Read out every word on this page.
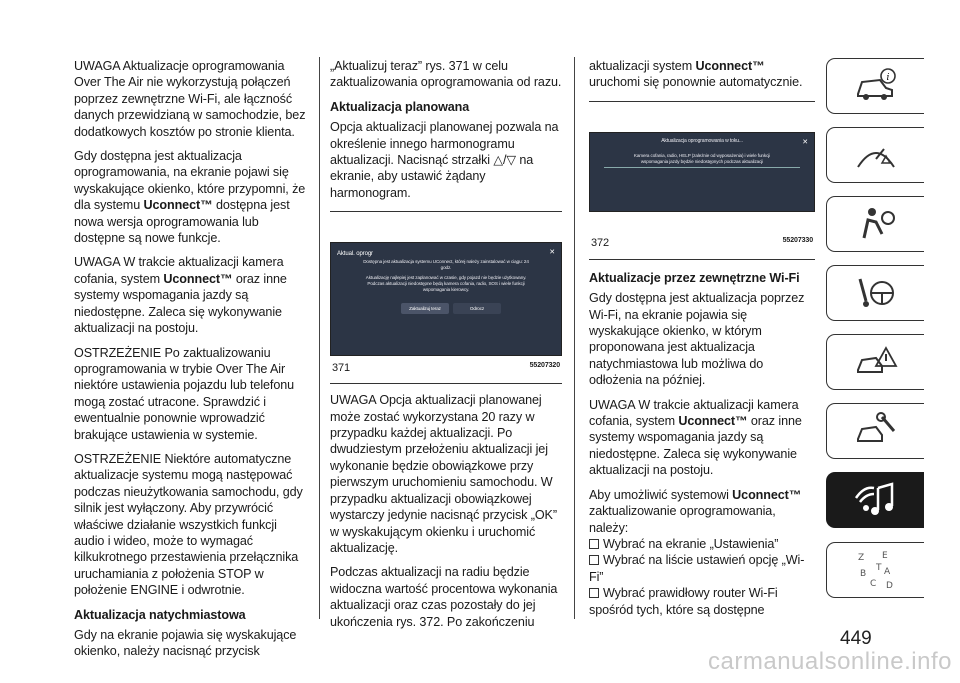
UWAGA Aktualizacje oprogramowania Over The Air nie wykorzystują połączeń poprzez zewnętrzne Wi-Fi, ale łączność danych przewidzianą w samochodzie, bez dodatkowych kosztów po stronie klienta.

Gdy dostępna jest aktualizacja oprogramowania, na ekranie pojawi się wyskakujące okienko, które przypomni, że dla systemu Uconnect™ dostępna jest nowa wersja oprogramowania lub dostępne są nowe funkcje.

UWAGA W trakcie aktualizacji kamera cofania, system Uconnect™ oraz inne systemy wspomagania jazdy są niedostępne. Zaleca się wykonywanie aktualizacji na postoju.

OSTRZEŻENIE Po zaktualizowaniu oprogramowania w trybie Over The Air niektóre ustawienia pojazdu lub telefonu mogą zostać utracone. Sprawdzić i ewentualnie ponownie wprowadzić brakujące ustawienia w systemie.

OSTRZEŻENIE Niektóre automatyczne aktualizacje systemu mogą następować podczas nieużytkowania samochodu, gdy silnik jest wyłączony. Aby przywrócić właściwe działanie wszystkich funkcji audio i wideo, może to wymagać kilkukrotnego przestawienia przełącznika uruchamiania z położenia STOP w położenie ENGINE i odwrotnie.

Aktualizacja natychmiastowa

Gdy na ekranie pojawia się wyskakujące okienko, należy nacisnąć przycisk

„Aktualizuj teraz” rys. 371 w celu zaktualizowania oprogramowania od razu.

Aktualizacja planowana

Opcja aktualizacji planowanej pozwala na określenie innego harmonogramu aktualizacji. Nacisnąć strzałki △/▽ na ekranie, aby ustawić żądany harmonogram.

Aktual. oprogr	✕
Dostępna jest aktualizacja systemu UConnect, której należy zainstalować w ciągu: 24 godz.
Aktualizację najlepiej jest zaplanować w czasie, gdy pojazd nie będzie użytkowany. Podczas aktualizacji niedostępne będą kamera cofania, radio, SOS i wiele funkcji wspomagania kierowcy.
Zaktualizuj teraz	Odrocz
371	55207320

UWAGA Opcja aktualizacji planowanej może zostać wykorzystana 20 razy w przypadku każdej aktualizacji. Po dwudziestym przełożeniu aktualizacji jej wykonanie będzie obowiązkowe przy pierwszym uruchomieniu samochodu. W przypadku aktualizacji obowiązkowej wystarczy jedynie nacisnąć przycisk „OK” w wyskakującym okienku i uruchomić aktualizację.

Podczas aktualizacji na radiu będzie widoczna wartość procentowa wykonania aktualizacji oraz czas pozostały do jej ukończenia rys. 372. Po zakończeniu

aktualizacji system Uconnect™ uruchomi się ponownie automatycznie.

Aktualizacja oprogramowania w toku...	✕
Kamera cofania, radio, HELP (zależnie od wyposażenia) i wiele funkcji wspomagania jazdy będzie niedostępnych podczas aktualizacji
372	55207330
Aktualizacje przez zewnętrzne Wi-Fi

Gdy dostępna jest aktualizacja poprzez Wi-Fi, na ekranie pojawia się wyskakujące okienko, w którym proponowana jest aktualizacja natychmiastowa lub możliwa do odłożenia na później.

UWAGA W trakcie aktualizacji kamera cofania, system Uconnect™ oraz inne systemy wspomagania jazdy są niedostępne. Zaleca się wykonywanie aktualizacji na postoju.

Aby umożliwić systemowi Uconnect™ zaktualizowanie oprogramowania, należy:

Wybrać na ekranie „Ustawienia”
Wybrać na liście ustawień opcję „Wi-Fi”
Wybrać prawidłowy router Wi-Fi spośród tych, które są dostępne
i
Z E
B A
C D
T
449
carmanualsonline.info
